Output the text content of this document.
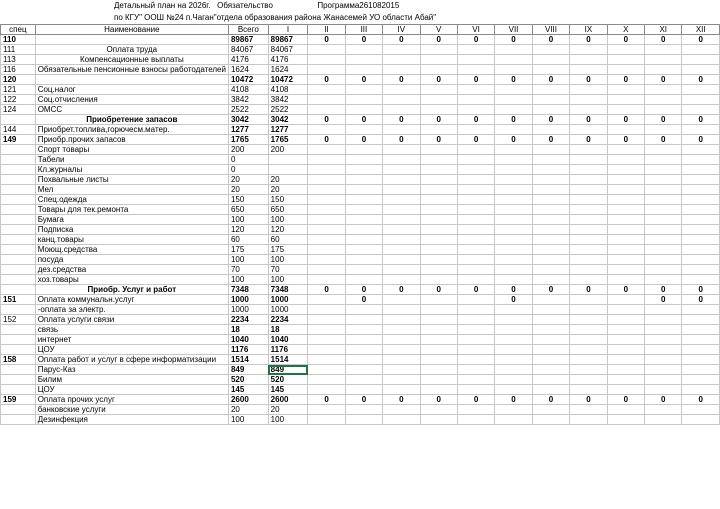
Детальный план на 2026г.   Обязательство                    Программа261082015
по КГУ" ООШ №24 п.Чаган"отдела образования района Жанасемей УО области Абай"
спец	Наименование	Всего	I	II	III	IV	V	VI	VII	VIII	IX	X	XI	XII
110		89867	89867	0	0	0	0	0	0	0	0	0	0	0
111	Оплата труда	84067	84067											
113	Компенсационные выплаты	4176	4176											
116	Обязательные пенсионные взносы работодателей	1624	1624											
120		10472	10472	0	0	0	0	0	0	0	0	0	0	0
121	Соц.налог	4108	4108											
122	Соц.отчисления	3842	3842											
124	ОМСС	2522	2522											
	Приобретение запасов	3042	3042	0	0	0	0	0	0	0	0	0	0	0
144	Приобрет.топлива,горючесм.матер.	1277	1277											
149	Приобр.прочих запасов	1765	1765	0	0	0	0	0	0	0	0	0	0	0
	Спорт товары	200	200											
	Табели	0												
	Кл.журналы	0												
	Похвальные листы	20	20											
	Мел	20	20											
	Спец.одежда	150	150											
	Товары для тек.ремонта	650	650											
	Бумага	100	100											
	Подписка	120	120											
	канц.товары	60	60											
	Моющ.средства	175	175											
	посуда	100	100											
	дез.средства	70	70											
	хоз.товары	100	100											
	Приобр. Услуг и работ	7348	7348	0	0	0	0	0	0	0	0	0	0	0
151	Оплата коммунальн.услуг	1000	1000		0				0				0	0
	-оплата за электр.	1000	1000											
152	Оплата услуги связи	2234	2234											
	связь	18	18											
	интернет	1040	1040											
	ЦОУ	1176	1176											
158	Оплата работ и услуг в сфере информатизации	1514	1514											
	Парус-Каз	849	849											
	Билим	520	520											
	ЦОУ	145	145											
159	Оплата прочих услуг	2600	2600	0	0	0	0	0	0	0	0	0	0	0
	банковские услуги	20	20											
	Дезинфекция	100	100											
